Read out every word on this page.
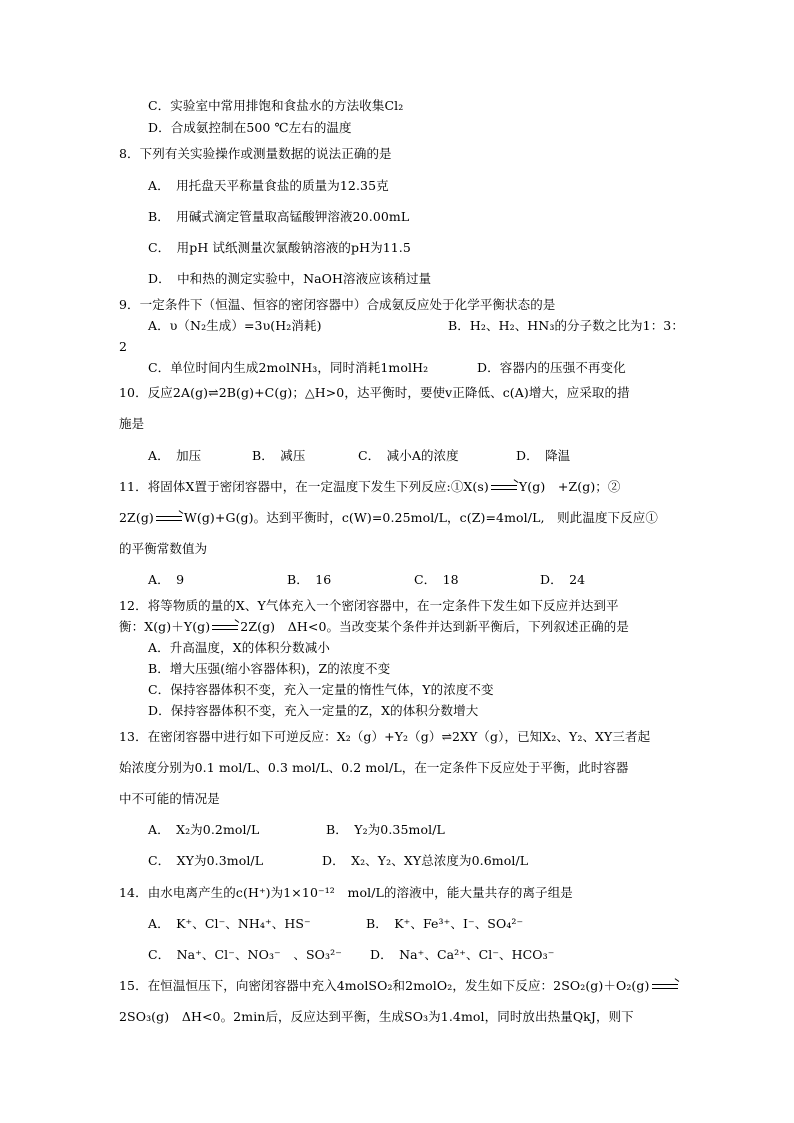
C．实验室中常用排饱和食盐水的方法收集Cl₂
D．合成氨控制在500 ℃左右的温度
8．下列有关实验操作或测量数据的说法正确的是
A．　用托盘天平称量食盐的质量为12.35克
B．　用碱式滴定管量取高锰酸钾溶液20.00mL
C．　用pH 试纸测量次氯酸钠溶液的pH为11.5
D．　中和热的测定实验中，NaOH溶液应该稍过量
9．一定条件下（恒温、恒容的密闭容器中）合成氨反应处于化学平衡状态的是
A．υ（N₂生成）=3υ(H₂消耗)	B．H₂、H₂、HN₃的分子数之比为1：3：
2
C．单位时间内生成2molNH₃，同时消耗1molH₂	D．容器内的压强不再变化
10．反应2A(g)⇌2B(g)+C(g)；△H>0，达平衡时，要使v正降低、c(A)增大，应采取的措
施是
A．　加压	B．　减压	C．　减小A的浓度	D．　降温
11．将固体X置于密闭容器中，在一定温度下发生下列反应:①X(s) → Y(g)　+Z(g)；②
2Z(g) → W(g)+G(g)。达到平衡时，c(W)=0.25mol/L，c(Z)=4mol/L,　则此温度下反应①
的平衡常数值为
A．　9	B．　16	C．　18	D．　24
12．将等物质的量的X、Y气体充入一个密闭容器中，在一定条件下发生如下反应并达到平
衡：X(g)＋Y(g) → 2Z(g)　ΔH<0。当改变某个条件并达到新平衡后，下列叙述正确的是
A．升高温度，X的体积分数减小
B．增大压强(缩小容器体积)，Z的浓度不变
C．保持容器体积不变，充入一定量的惰性气体，Y的浓度不变
D．保持容器体积不变，充入一定量的Z，X的体积分数增大
13．在密闭容器中进行如下可逆反应：X₂（g）+Y₂（g）⇌2XY（g），已知X₂、Y₂、XY三者起
始浓度分别为0.1 mol/L、0.3 mol/L、0.2 mol/L，在一定条件下反应处于平衡，此时容器
中不可能的情况是
A．　X₂为0.2mol/L	B．　Y₂为0.35mol/L
C．　XY为0.3mol/L	D．　X₂、Y₂、XY总浓度为0.6mol/L
14．由水电离产生的c(H⁺)为1×10⁻¹²　mol/L的溶液中，能大量共存的离子组是
A．　K⁺、Cl⁻、NH₄⁺、HS⁻	B．　K⁺、Fe³⁺、I⁻、SO₄²⁻
C．　Na⁺、Cl⁻、NO₃⁻　、SO₃²⁻ D．　Na⁺、Ca²⁺、Cl⁻、HCO₃⁻
15．在恒温恒压下，向密闭容器中充入4molSO₂和2molO₂，发生如下反应：2SO₂(g)＋O₂(g) →
2SO₃(g)　ΔH<0。2min后，反应达到平衡，生成SO₃为1.4mol，同时放出热量QkJ，则下
